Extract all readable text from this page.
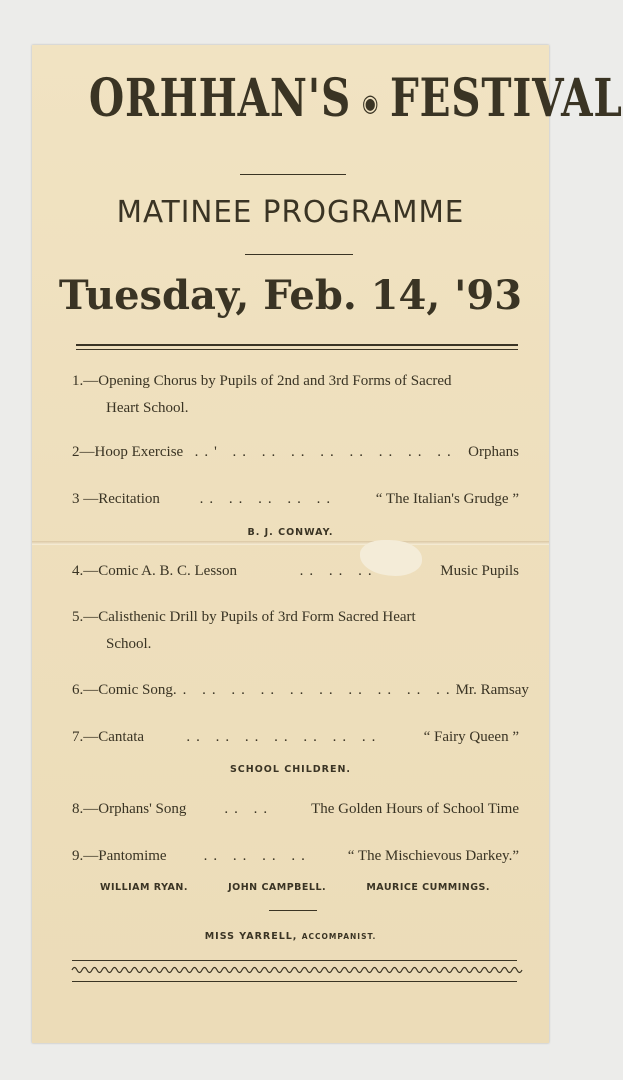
ORHHAN'S ◉ FESTIVAL
MATINEE PROGRAMME
Tuesday, Feb. 14, '93
1.—Opening Chorus by Pupils of 2nd and 3rd Forms of Sacred
Heart School.
2—Hoop Exercise ..' .. .. .. .. .. .. .. .. Orphans
3 —Recitation	.. .. .. .. ..	“ The Italian's Grudge ”
B. J. CONWAY.
4.—Comic A. B. C. Lesson	.. .. ..	Music Pupils
5.—Calisthenic Drill by Pupils of 3rd Form Sacred Heart
School.
6.—Comic Song .. .. .. .. .. .. .. .. .. .. Mr. Ramsay
7.—Cantata	.. .. .. .. .. .. ..	“ Fairy Queen ”
SCHOOL CHILDREN.
8.—Orphans' Song	.. ..	The Golden Hours of School Time
9.—Pantomime .. .. .. .. “ The Mischievous Darkey.”
WILLIAM RYAN.	JOHN CAMPBELL.	MAURICE CUMMINGS.
MISS YARRELL, ACCOMPANIST.
